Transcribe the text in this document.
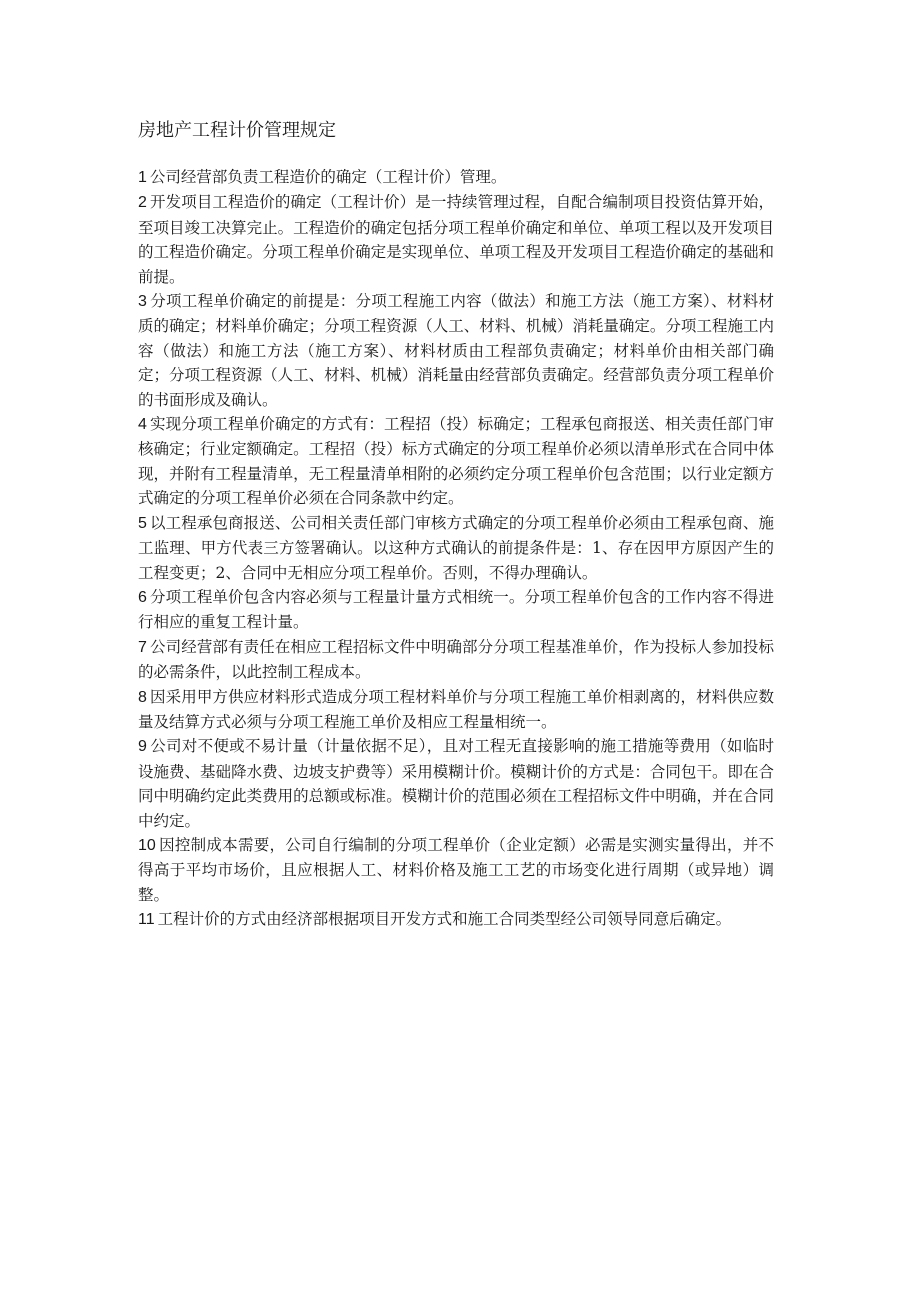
房地产工程计价管理规定

1 公司经营部负责工程造价的确定（工程计价）管理。

2 开发项目工程造价的确定（工程计价）是一持续管理过程，自配合编制项目投资估算开始，至项目竣工决算完止。工程造价的确定包括分项工程单价确定和单位、单项工程以及开发项目的工程造价确定。分项工程单价确定是实现单位、单项工程及开发项目工程造价确定的基础和前提。

3 分项工程单价确定的前提是：分项工程施工内容（做法）和施工方法（施工方案）、材料材质的确定；材料单价确定；分项工程资源（人工、材料、机械）消耗量确定。分项工程施工内容（做法）和施工方法（施工方案）、材料材质由工程部负责确定；材料单价由相关部门确定；分项工程资源（人工、材料、机械）消耗量由经营部负责确定。经营部负责分项工程单价的书面形成及确认。

4 实现分项工程单价确定的方式有：工程招（投）标确定；工程承包商报送、相关责任部门审核确定；行业定额确定。工程招（投）标方式确定的分项工程单价必须以清单形式在合同中体现，并附有工程量清单，无工程量清单相附的必须约定分项工程单价包含范围；以行业定额方式确定的分项工程单价必须在合同条款中约定。

5 以工程承包商报送、公司相关责任部门审核方式确定的分项工程单价必须由工程承包商、施工监理、甲方代表三方签署确认。以这种方式确认的前提条件是：1、存在因甲方原因产生的工程变更；2、合同中无相应分项工程单价。否则，不得办理确认。

6 分项工程单价包含内容必须与工程量计量方式相统一。分项工程单价包含的工作内容不得进行相应的重复工程计量。

7 公司经营部有责任在相应工程招标文件中明确部分分项工程基准单价，作为投标人参加投标的必需条件，以此控制工程成本。

8 因采用甲方供应材料形式造成分项工程材料单价与分项工程施工单价相剥离的，材料供应数量及结算方式必须与分项工程施工单价及相应工程量相统一。

9 公司对不便或不易计量（计量依据不足），且对工程无直接影响的施工措施等费用（如临时设施费、基础降水费、边坡支护费等）采用模糊计价。模糊计价的方式是：合同包干。即在合同中明确约定此类费用的总额或标准。模糊计价的范围必须在工程招标文件中明确，并在合同中约定。

10 因控制成本需要，公司自行编制的分项工程单价（企业定额）必需是实测实量得出，并不得高于平均市场价，且应根据人工、材料价格及施工工艺的市场变化进行周期（或异地）调整。

11 工程计价的方式由经济部根据项目开发方式和施工合同类型经公司领导同意后确定。
